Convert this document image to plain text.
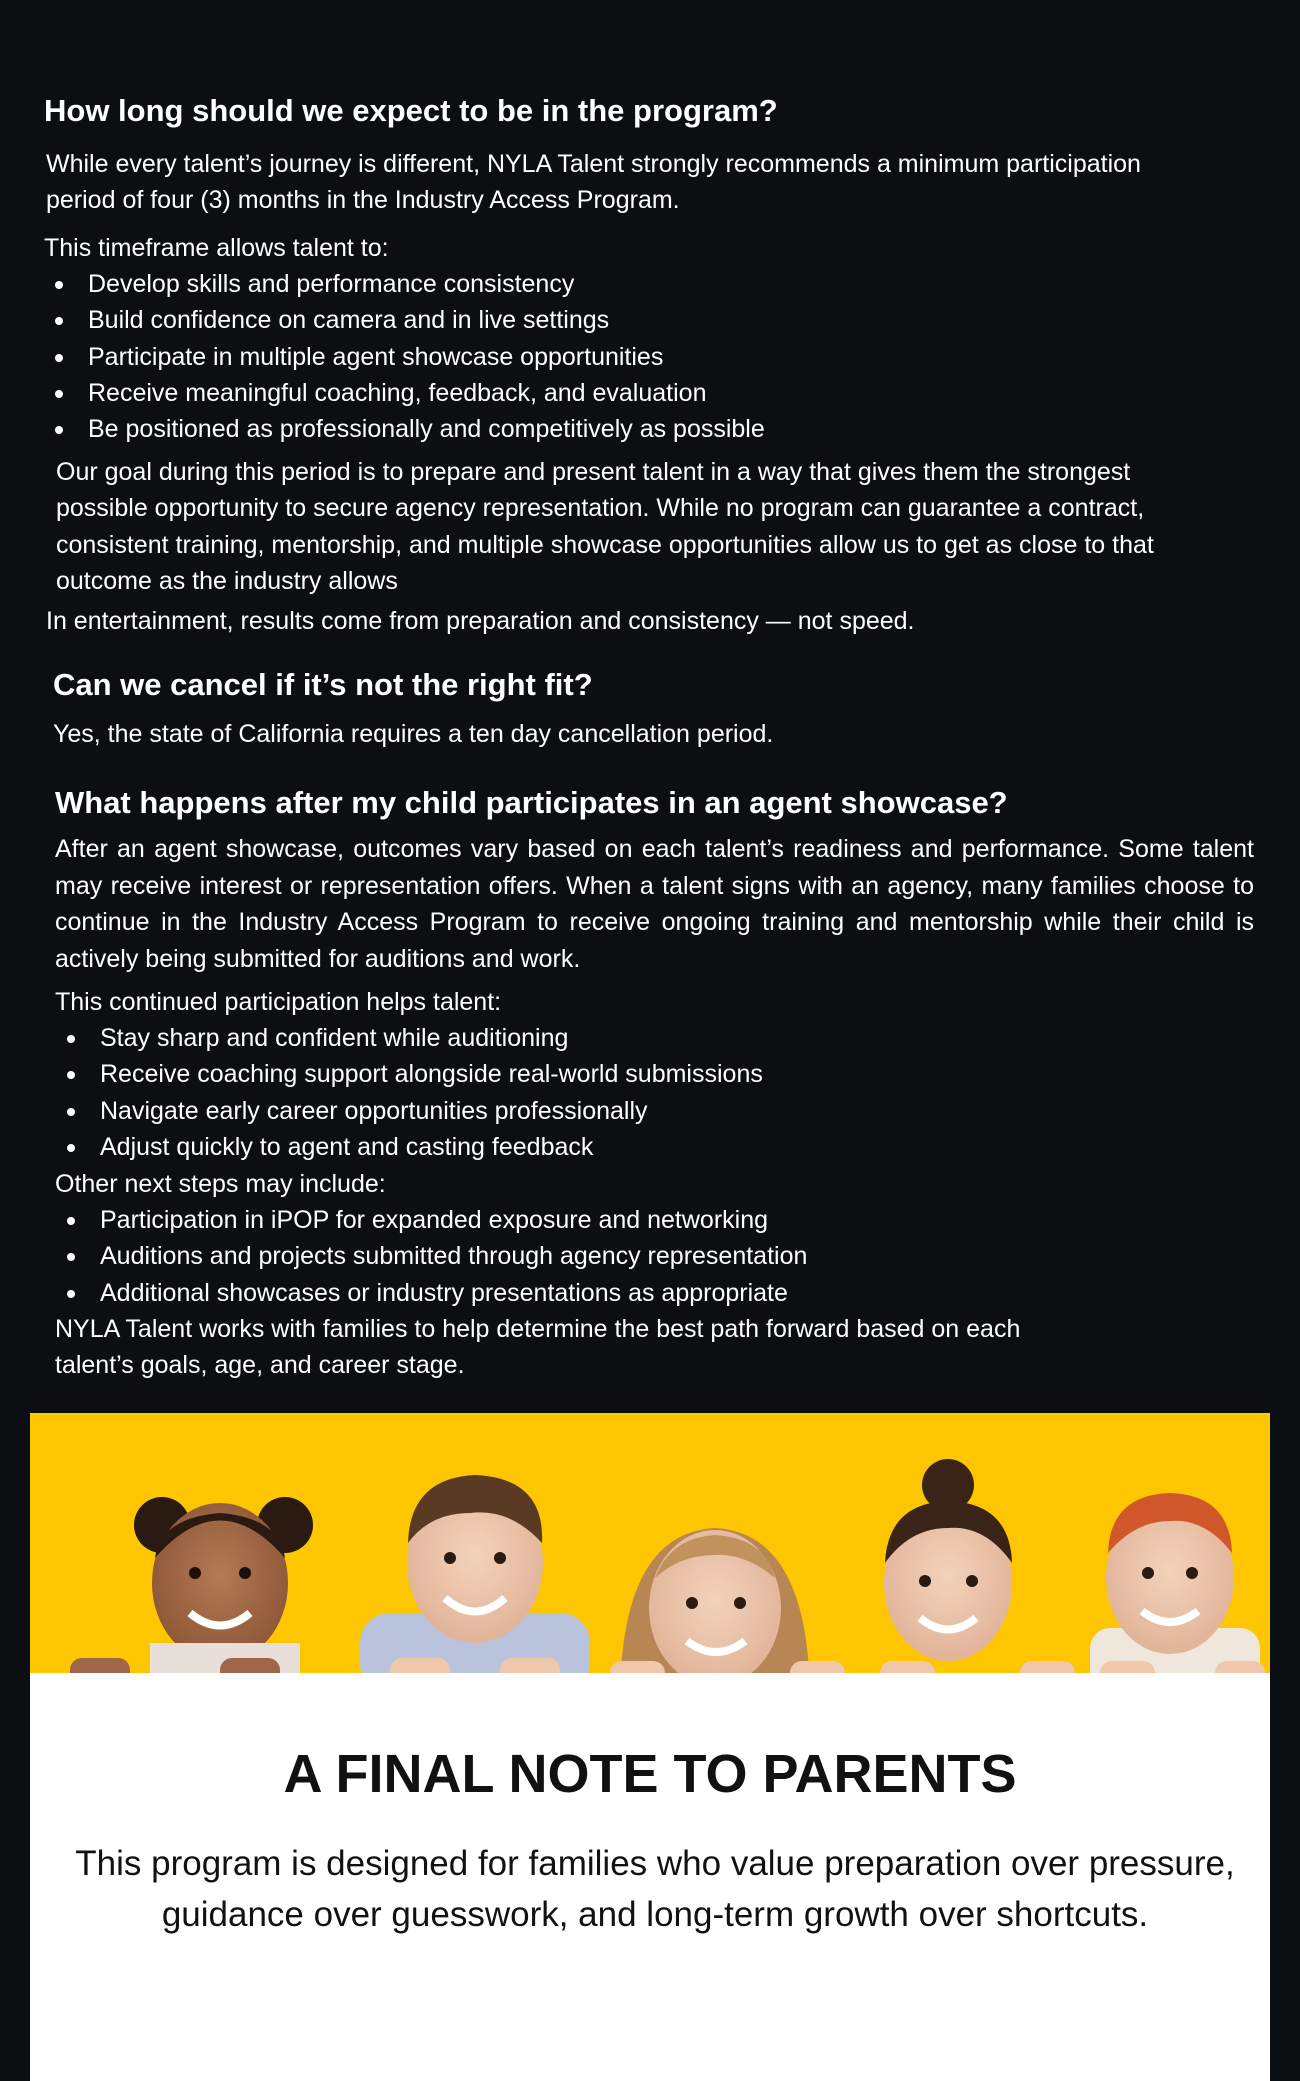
How long should we expect to be in the program?

While every talent’s journey is different, NYLA Talent strongly recommends a minimum participation

period of four (3) months in the Industry Access Program.

This timeframe allows talent to:

Develop skills and performance consistency
Build confidence on camera and in live settings
Participate in multiple agent showcase opportunities
Receive meaningful coaching, feedback, and evaluation
Be positioned as professionally and competitively as possible

Our goal during this period is to prepare and present talent in a way that gives them the strongest

possible opportunity to secure agency representation. While no program can guarantee a contract,

consistent training, mentorship, and multiple showcase opportunities allow us to get as close to that

outcome as the industry allows

In entertainment, results come from preparation and consistency — not speed.

Can we cancel if it’s not the right fit?

Yes, the state of California requires a ten day cancellation period.

What happens after my child participates in an agent showcase?

After an agent showcase, outcomes vary based on each talent’s readiness and performance. Some talent may receive interest or representation offers. When a talent signs with an agency, many families choose to continue in the Industry Access Program to receive ongoing training and mentorship while their child is actively being submitted for auditions and work.

This continued participation helps talent:

Stay sharp and confident while auditioning
Receive coaching support alongside real-world submissions
Navigate early career opportunities professionally
Adjust quickly to agent and casting feedback

Other next steps may include:

Participation in iPOP for expanded exposure and networking
Auditions and projects submitted through agency representation
Additional showcases or industry presentations as appropriate

NYLA Talent works with families to help determine the best path forward based on each

talent’s goals, age, and career stage.

A FINAL NOTE TO PARENTS

This program is designed for families who value preparation over pressure,
guidance over guesswork, and long-term growth over shortcuts.
